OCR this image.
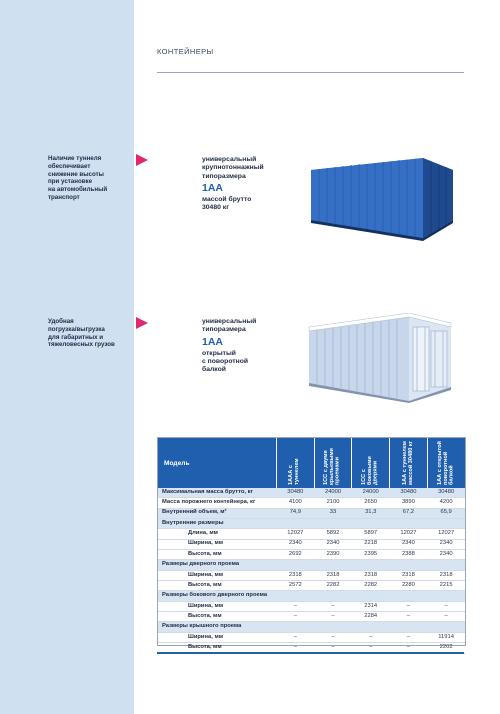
КОНТЕЙНЕРЫ
Наличие туннеля
обеспечивает
снижение высоты
при установке
на автомобильный
транспорт
универсальный
крупнотоннажный
типоразмера
1АА
массой брутто
30480 кг
Удобная
погрузка/выгрузка
для габаритных и
тяжеловесных грузов
универсальный
типоразмера
1АА
открытый
с поворотной
балкой
Модель	1ААА с туннелем	1СС с двумя крыльевыми проемами	1СС с боковыми дверями	1АА с туннелем массой 30480 кг	1АА с открытой поворотной балкой
Максимальная масса брутто, кг	30480	24000	24000	30480	30480
Масса порожнего контейнера, кг	4100	2100	2650	3890	4200
Внутренний объем, м³	74,9	33	31,3	67,2	65,9
Внутренние размеры					
Длина, мм	12027	5892	5897	12027	12027
Ширина, мм	2340	2340	2218	2340	2340
Высота, мм	2692	2390	2395	2388	2340
Размеры дверного проема					
Ширина, мм	2318	2318	2318	2318	2318
Высота, мм	2572	2282	2282	2280	2215
Размеры бокового дверного проема					
Ширина, мм	–	–	2314	–	–
Высота, мм	–	–	2284	–	–
Размеры крышного проема					
Ширина, мм	–	–	–	–	11914
Высота, мм	–	–	–	–	2202
